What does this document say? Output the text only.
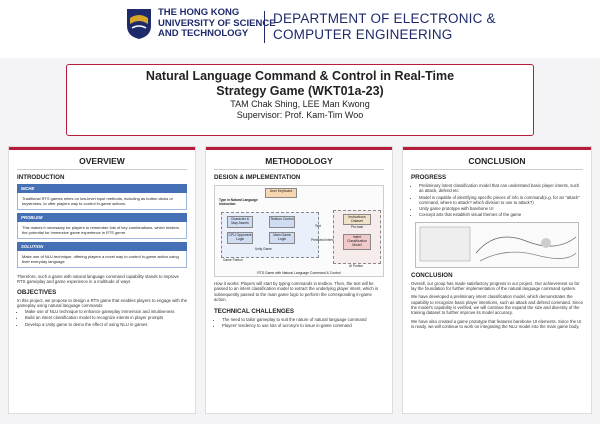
THE HONG KONG
UNIVERSITY OF SCIENCE
AND TECHNOLOGY
DEPARTMENT OF ELECTRONIC &
COMPUTER ENGINEERING
Natural Language Command & Control in Real-Time
Strategy Game (WKT01a-23)
TAM Chak Shing, LEE Man Kwong
Supervisor: Prof. Kam-Tim Woo
OVERVIEW
INTRODUCTION
NICHE
Traditional RTS games relies on low-level input methods, including as button clicks or keystrokes, to offer players way to control in-game actions.
PROBLEM
This makes it necessary for players to remember lots of key combinations, which hinders the potential for immersive game experience in RTS genre
SOLUTION
Make use of NLU technique, offering players a novel way to control in-game action using their everyday language
Therefore, such a game with natural language command capability stands to improve RTS gameplay and game experience in a multitude of ways
OBJECTIVES
In this project, we propose to design a RTS game that enables players to engage with the gameplay using natural language commands
• Make use of NLU technique to enhance gameplay immersion and intuitiveness
• Build an intent classification model to recognize intents in player prompts
• Develop a Unity game to demo the effect of using NLU in games
METHODOLOGY
DESIGN & IMPLEMENTATION
User Keyboard
Type in Natural Language Instruction
Character & Map Assets
Textbox Control
CPU Opponent Logic
Main Game Logic
Unity Game
Game Portion
Instructions Dataset
Pre-train
Intent Classification Model
Text
Predicted Intent
AI Portion
RTS Game with Natural Language Command & Control
How it works: Players will start by typing commands in textbox. Then, the text will be passed to an intent classification model to extract the underlying player intent, which is subsequently passed to the main game logic to perform the corresponding in-game action.
TECHNICAL CHALLENGES
• The need to tailor gameplay to suit the nature of natural language command
• Players' tendency to use lots of acronym to issue in-game command
CONCLUSION
PROGRESS
• Preliminary intent classification model that can understand basic player intents, such as attack, defend etc
• Model is capable of identifying specific pieces of info in command(e.g. for an "attack" command, where to attack? which division to use to attack?)
• Unity game prototype with barebone UI
• Concept arts that establish visual themes of the game
CONCLUSION
Overall, our group has made satisfactory progress in our project. Our achievement so far lay the foundation for further implementation of the natural language command system.
We have developed a preliminary intent classification model, which demonstrates the capability to recognize basic player intentions, such as attack and defend command. Since the model's capability is verified, we will continue the expand the size and diversity of the training dataset to further improve its model accuracy.
We have also created a game prototype that features barebone UI elements. Since the UI is ready, we will continue to work on integrating the NLU model into the main game body.
